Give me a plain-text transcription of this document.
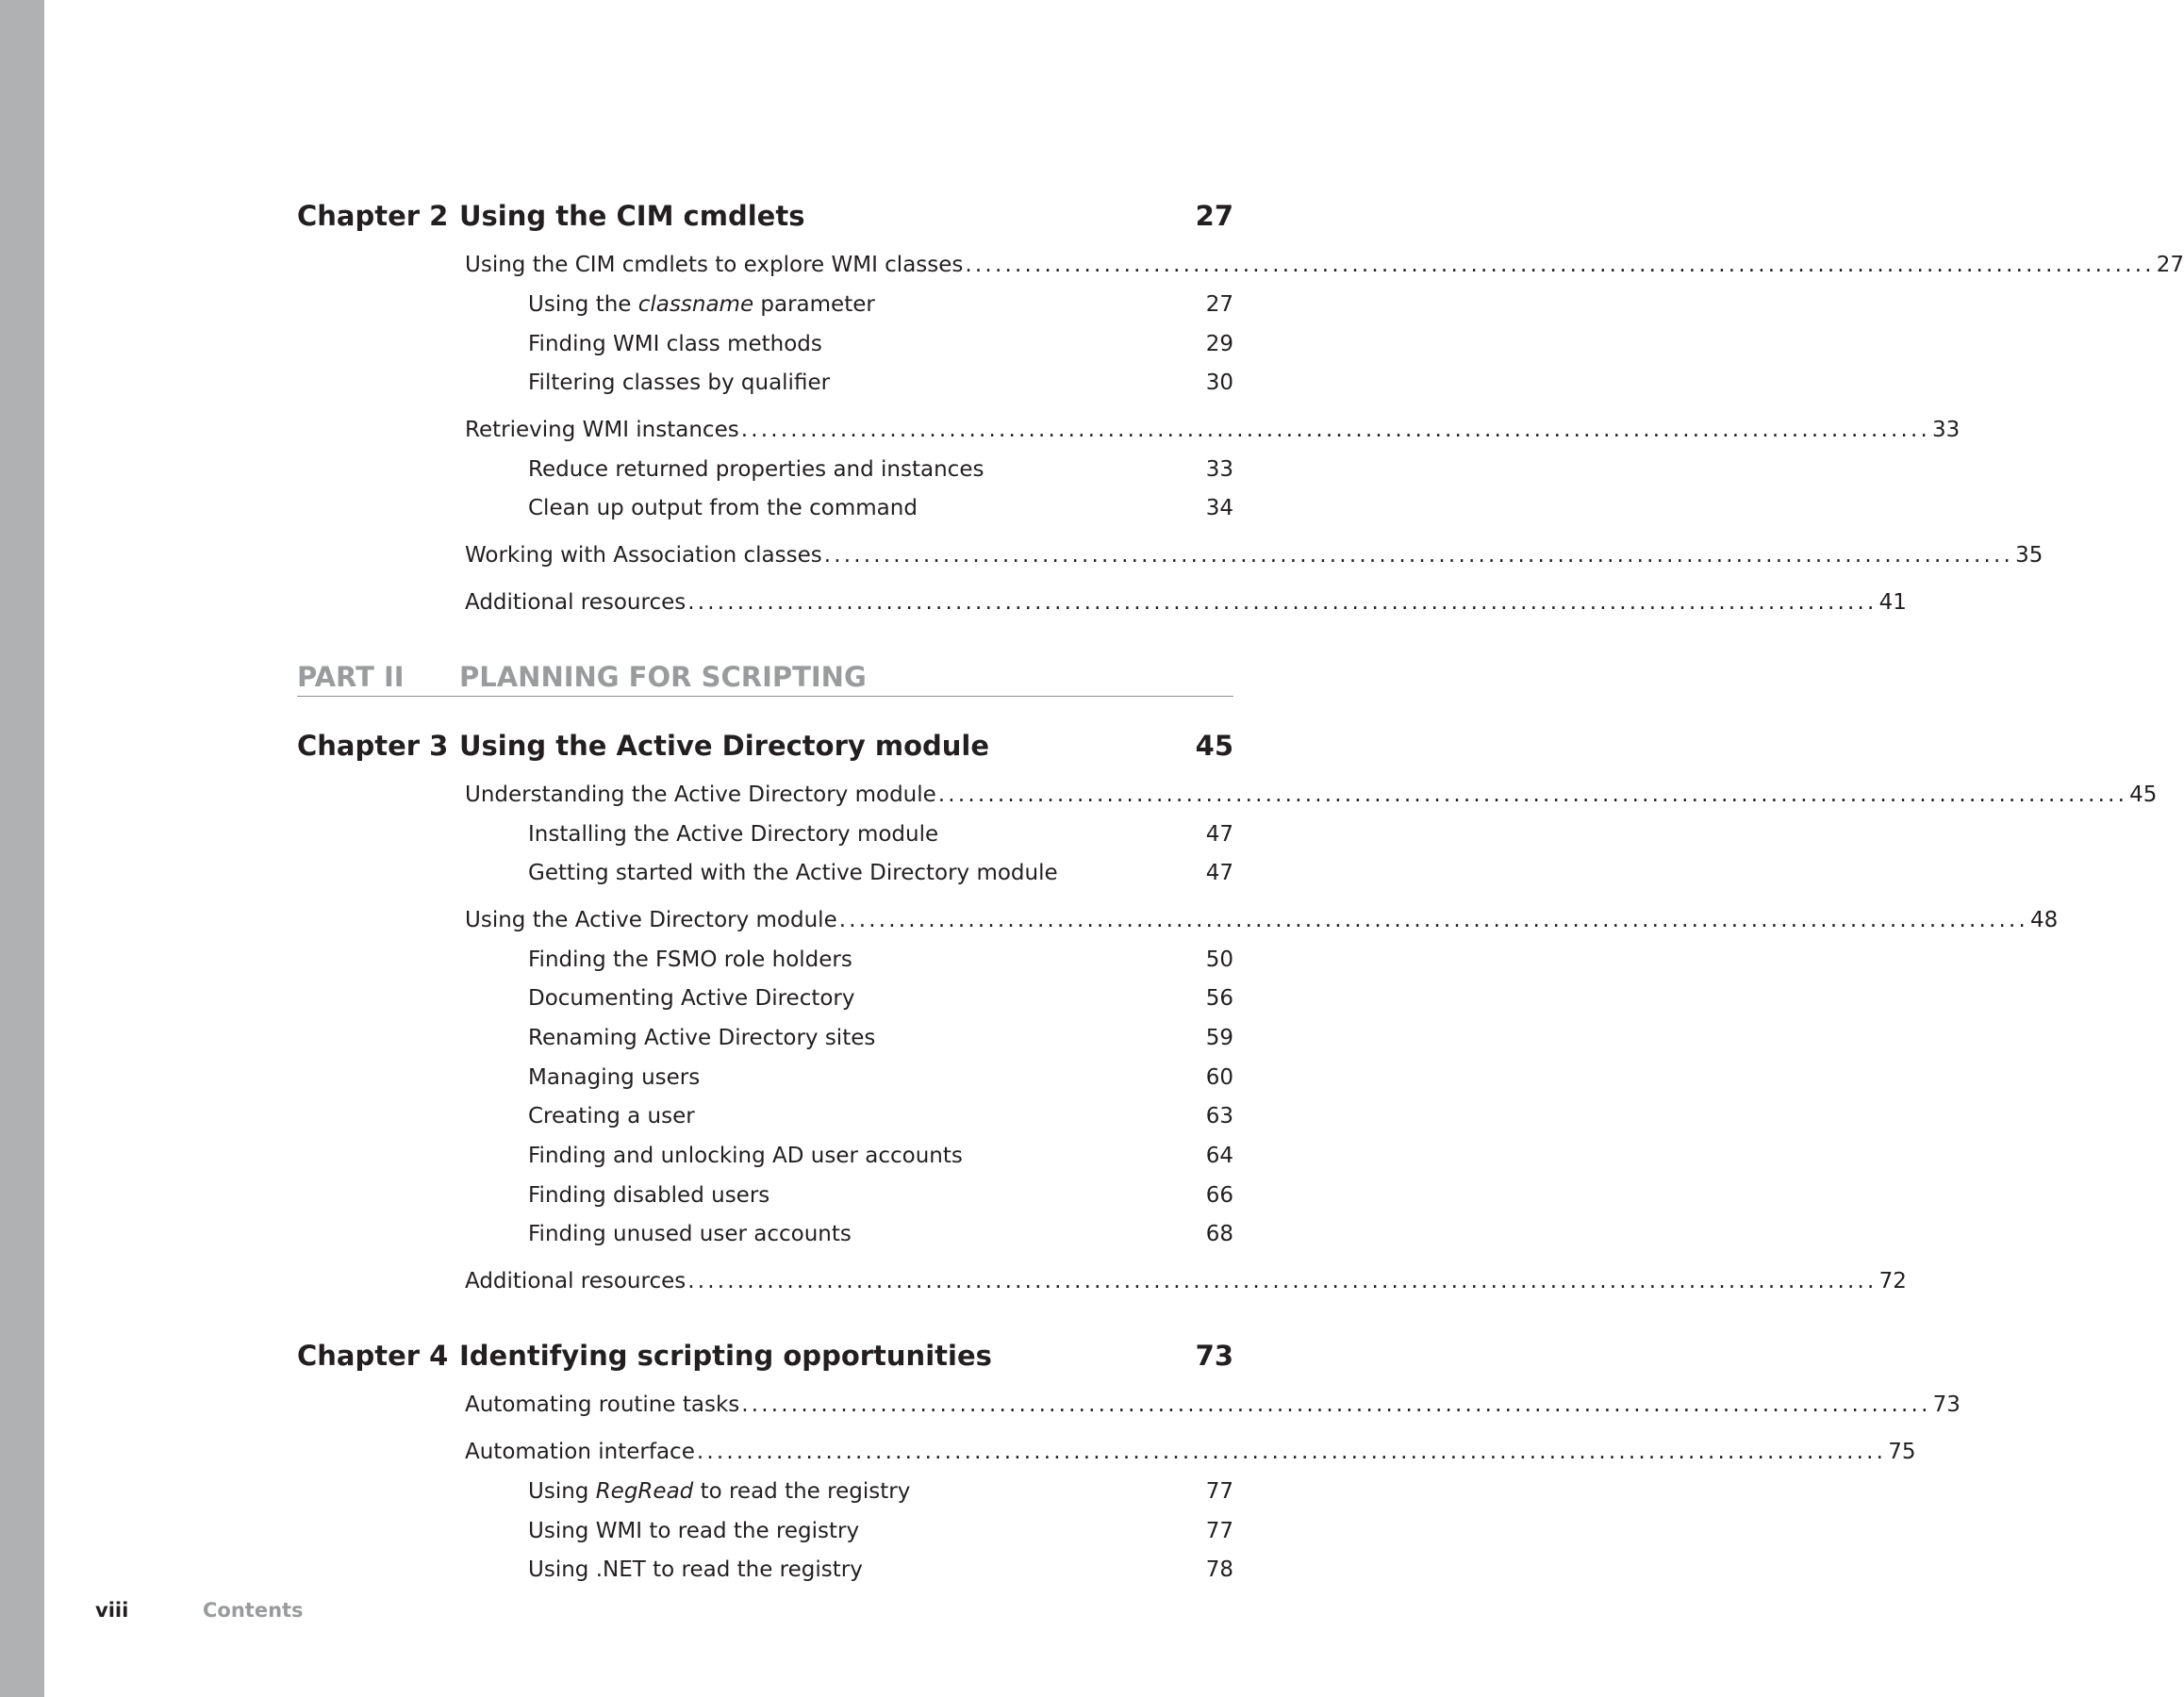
Chapter 2 Using the CIM cmdlets	27
Using the CIM cmdlets to explore WMI classes ........................................................................................................................ 27
Using the classname parameter	27
Finding WMI class methods	29
Filtering classes by qualifier	30
Retrieving WMI instances ........................................................................................................................ 33
Reduce returned properties and instances	33
Clean up output from the command	34
Working with Association classes ........................................................................................................................ 35
Additional resources ........................................................................................................................ 41
PART II PLANNING FOR SCRIPTING
Chapter 3 Using the Active Directory module	45
Understanding the Active Directory module ........................................................................................................................ 45
Installing the Active Directory module	47
Getting started with the Active Directory module	47
Using the Active Directory module ........................................................................................................................ 48
Finding the FSMO role holders	50
Documenting Active Directory	56
Renaming Active Directory sites	59
Managing users	60
Creating a user	63
Finding and unlocking AD user accounts	64
Finding disabled users	66
Finding unused user accounts	68
Additional resources ........................................................................................................................ 72
Chapter 4 Identifying scripting opportunities	73
Automating routine tasks ........................................................................................................................ 73
Automation interface ........................................................................................................................ 75
Using RegRead to read the registry	77
Using WMI to read the registry	77
Using .NET to read the registry	78
viii	Contents
